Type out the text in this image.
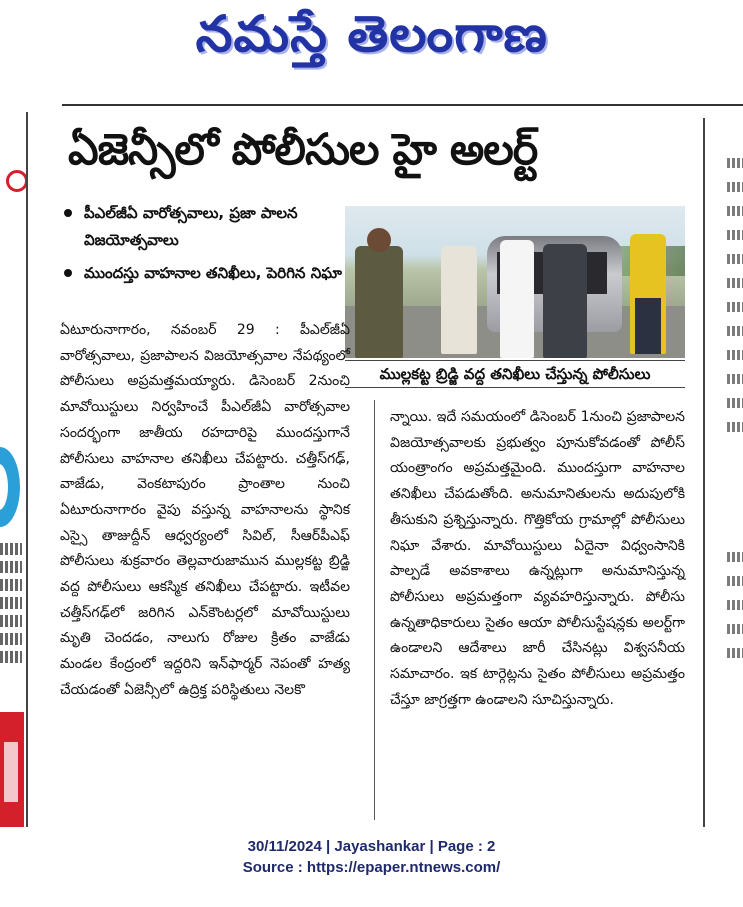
నమస్తే తెలంగాణ
ఏజెన్సీలో పోలీసుల హై అలర్ట్
పీఎల్‌జీఏ వారోత్సవాలు, ప్రజా పాలన విజయోత్సవాలు
ముందస్తు వాహనాల తనిఖీలు, పెరిగిన నిఘా
ముల్లకట్ట బ్రిడ్జి వద్ద తనిఖీలు చేస్తున్న పోలీసులు

ఏటూరునాగారం, నవంబర్ 29 : పీఎల్‌జీఏ వారోత్సవాలు, ప్రజాపాలన విజయోత్సవాల నేపథ్యంలో పోలీసులు అప్రమత్తమయ్యారు. డిసెంబర్ 2నుంచి మావోయిస్టులు నిర్వహించే పీఎల్‌జీఏ వారోత్సవాల సందర్భంగా జాతీయ రహదారిపై ముందస్తుగానే పోలీసులు వాహనాల తనిఖీలు చేపట్టారు. చత్తీస్‌గఢ్, వాజేడు, వెంకటాపురం ప్రాంతాల నుంచి ఏటూరునాగారం వైపు వస్తున్న వాహనాలను స్థానిక ఎస్సై తాజుద్దీన్ ఆధ్వర్యంలో సివిల్, సీఆర్‌పీఎఫ్ పోలీసులు శుక్రవారం తెల్లవారుజామున ముల్లకట్ట బ్రిడ్జి వద్ద పోలీసులు ఆకస్మిక తనిఖీలు చేపట్టారు. ఇటీవల చత్తీస్‌గఢ్‌లో జరిగిన ఎన్‌కౌంటర్లలో మావోయిస్టులు మృతి చెందడం, నాలుగు రోజుల క్రితం వాజేడు మండల కేంద్రంలో ఇద్దరిని ఇన్‌ఫార్మర్ నెపంతో హత్య చేయడంతో ఏజెన్సీలో ఉద్రిక్త పరిస్థితులు నెలకొ

న్నాయి. ఇదే సమయంలో డిసెంబర్ 1నుంచి ప్రజాపాలన విజయోత్సవాలకు ప్రభుత్వం పూనుకోవడంతో పోలీస్ యంత్రాంగం అప్రమత్తమైంది. ముందస్తుగా వాహనాల తనిఖీలు చేపడుతోంది. అనుమానితులను అదుపులోకి తీసుకుని ప్రశ్నిస్తున్నారు. గొత్తికోయ గ్రామాల్లో పోలీసులు నిఘా వేశారు. మావోయిస్టులు ఏదైనా విధ్వంసానికి పాల్పడే అవకాశాలు ఉన్నట్లుగా అనుమానిస్తున్న పోలీసులు అప్రమత్తంగా వ్యవహరిస్తున్నారు. పోలీసు ఉన్నతాధికారులు సైతం ఆయా పోలీసుస్టేషన్లకు అలర్ట్‌గా ఉండాలని ఆదేశాలు జారీ చేసినట్లు విశ్వసనీయ సమాచారం. ఇక టార్గెట్లను సైతం పోలీసులు అప్రమత్తం చేస్తూ జాగ్రత్తగా ఉండాలని సూచిస్తున్నారు.

30/11/2024 | Jayashankar | Page : 2
Source : https://epaper.ntnews.com/
